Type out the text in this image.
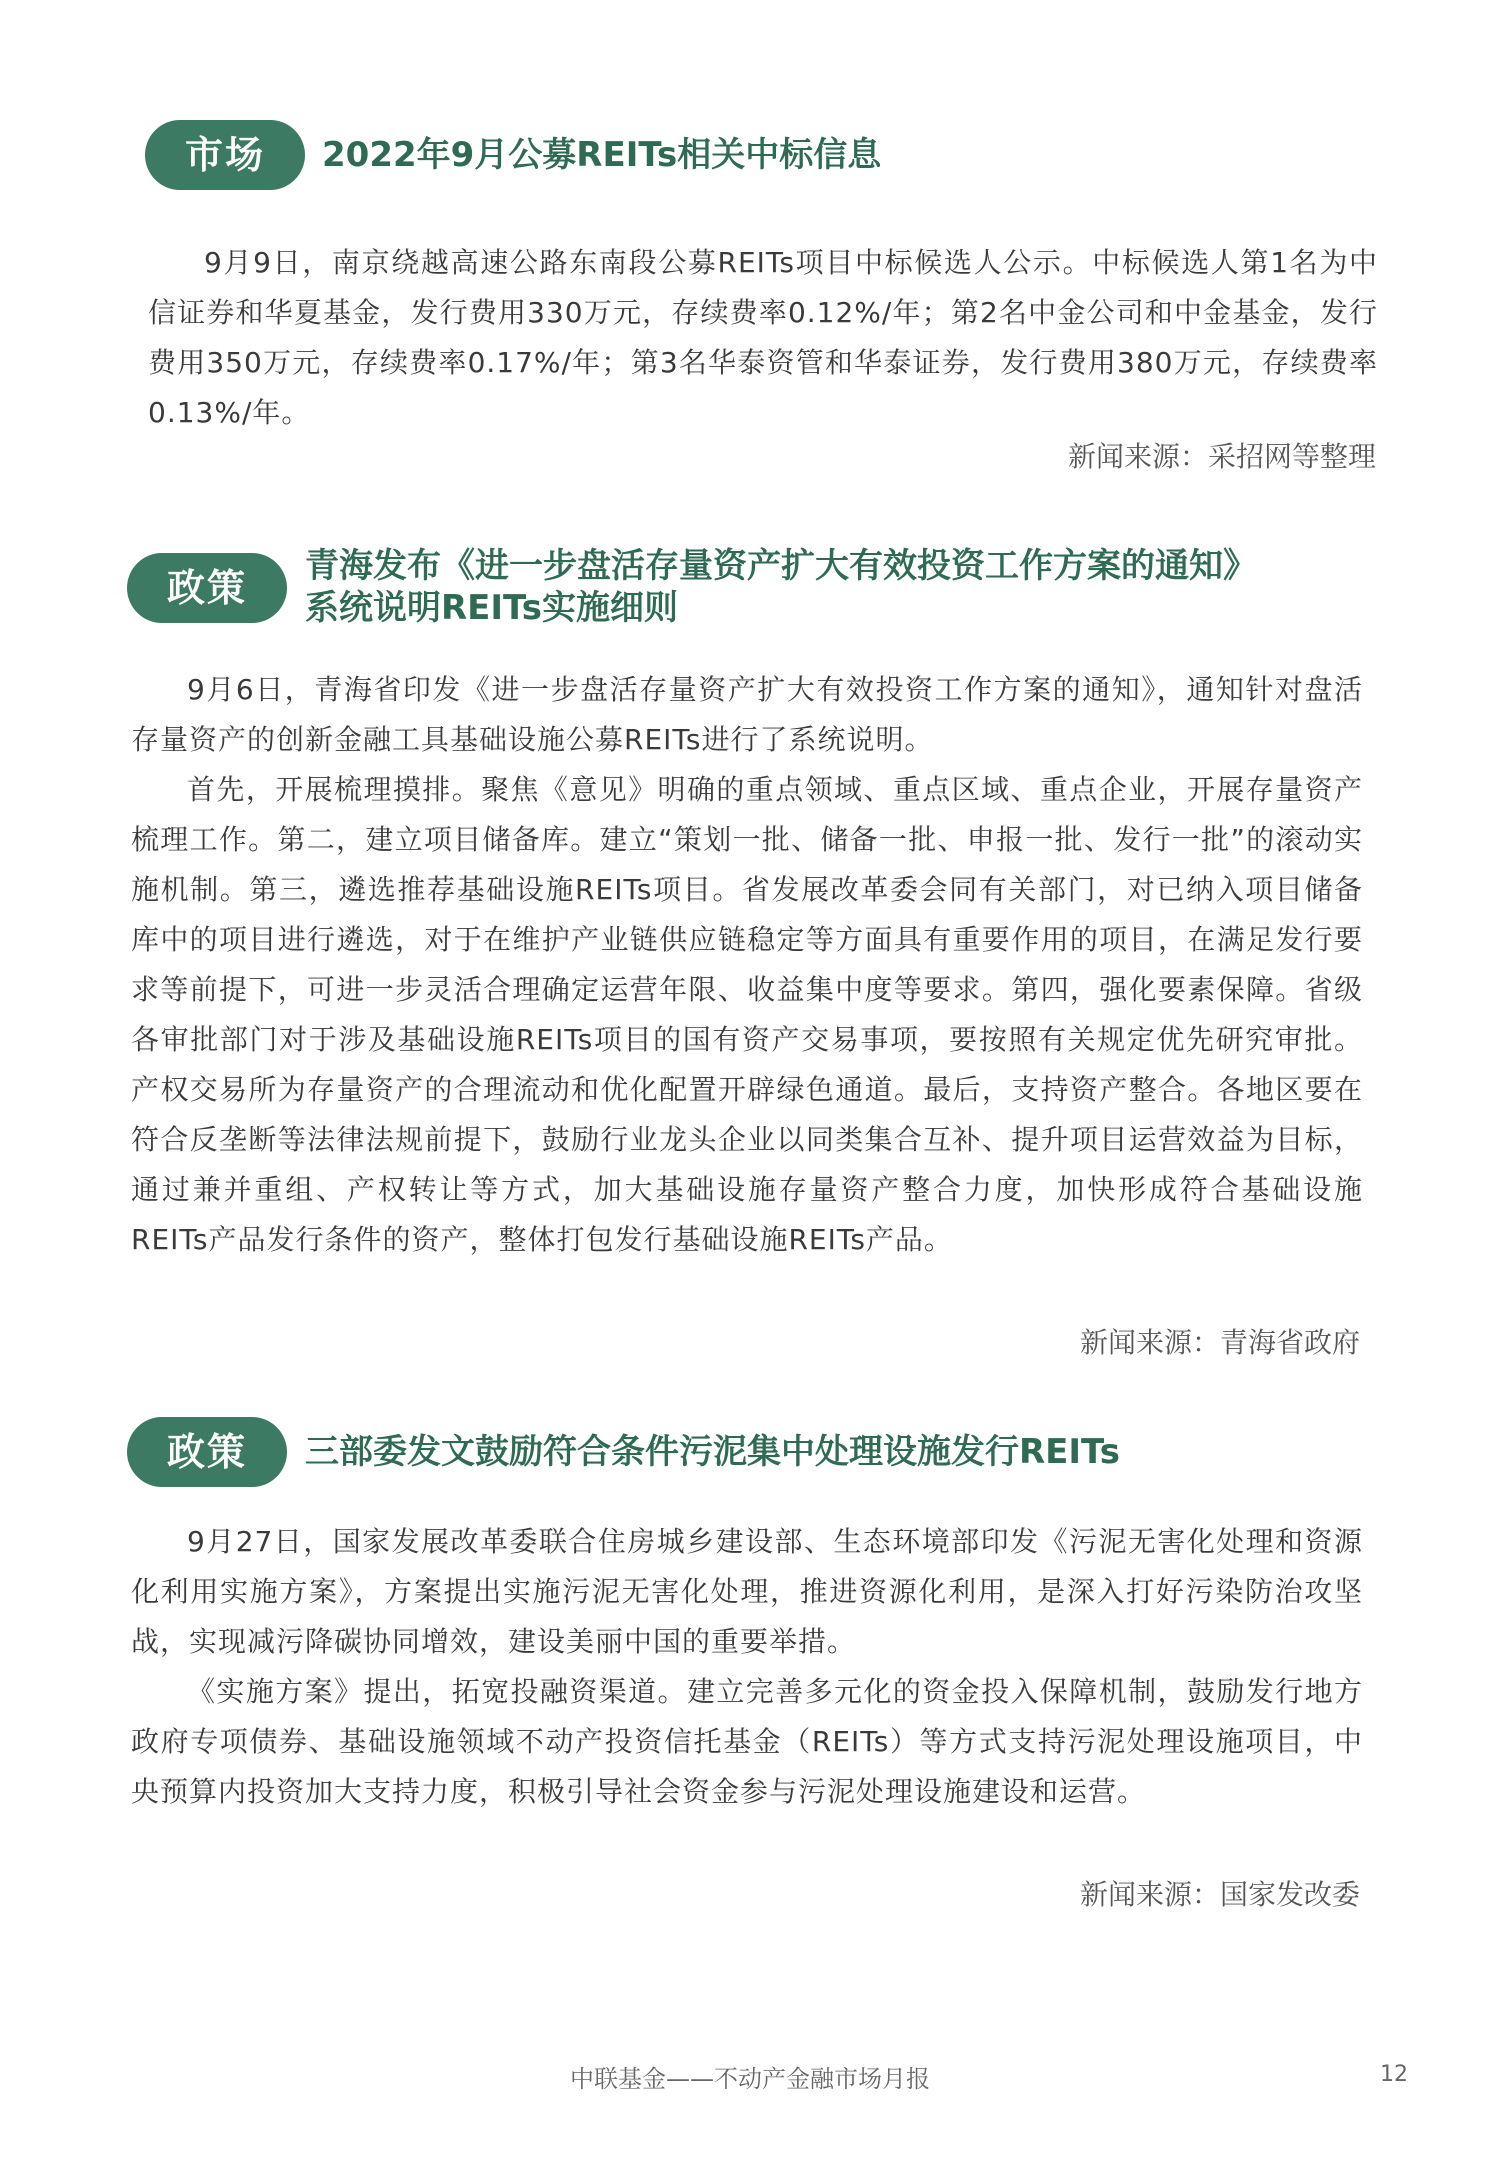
市场	2022年9月公募REITs相关中标信息

9月9日，南京绕越高速公路东南段公募REITs项目中标候选人公示。中标候选人第1名为中信证券和华夏基金，发行费用330万元，存续费率0.12%/年；第2名中金公司和中金基金，发行费用350万元，存续费率0.17%/年；第3名华泰资管和华泰证券，发行费用380万元，存续费率0.13%/年。

新闻来源：采招网等整理
政策	青海发布《进一步盘活存量资产扩大有效投资工作方案的通知》
系统说明REITs实施细则

9月6日，青海省印发《进一步盘活存量资产扩大有效投资工作方案的通知》，通知针对盘活存量资产的创新金融工具基础设施公募REITs进行了系统说明。

首先，开展梳理摸排。聚焦《意见》明确的重点领域、重点区域、重点企业，开展存量资产梳理工作。第二，建立项目储备库。建立“策划一批、储备一批、申报一批、发行一批”的滚动实施机制。第三，遴选推荐基础设施REITs项目。省发展改革委会同有关部门，对已纳入项目储备库中的项目进行遴选，对于在维护产业链供应链稳定等方面具有重要作用的项目，在满足发行要求等前提下，可进一步灵活合理确定运营年限、收益集中度等要求。第四，强化要素保障。省级各审批部门对于涉及基础设施REITs项目的国有资产交易事项，要按照有关规定优先研究审批。产权交易所为存量资产的合理流动和优化配置开辟绿色通道。最后，支持资产整合。各地区要在符合反垄断等法律法规前提下，鼓励行业龙头企业以同类集合互补、提升项目运营效益为目标，通过兼并重组、产权转让等方式，加大基础设施存量资产整合力度，加快形成符合基础设施REITs产品发行条件的资产，整体打包发行基础设施REITs产品。

新闻来源：青海省政府
政策	三部委发文鼓励符合条件污泥集中处理设施发行REITs

9月27日，国家发展改革委联合住房城乡建设部、生态环境部印发《污泥无害化处理和资源化利用实施方案》，方案提出实施污泥无害化处理，推进资源化利用，是深入打好污染防治攻坚战，实现减污降碳协同增效，建设美丽中国的重要举措。

《实施方案》提出，拓宽投融资渠道。建立完善多元化的资金投入保障机制，鼓励发行地方政府专项债券、基础设施领域不动产投资信托基金（REITs）等方式支持污泥处理设施项目，中央预算内投资加大支持力度，积极引导社会资金参与污泥处理设施建设和运营。

新闻来源：国家发改委
中联基金——不动产金融市场月报	12
